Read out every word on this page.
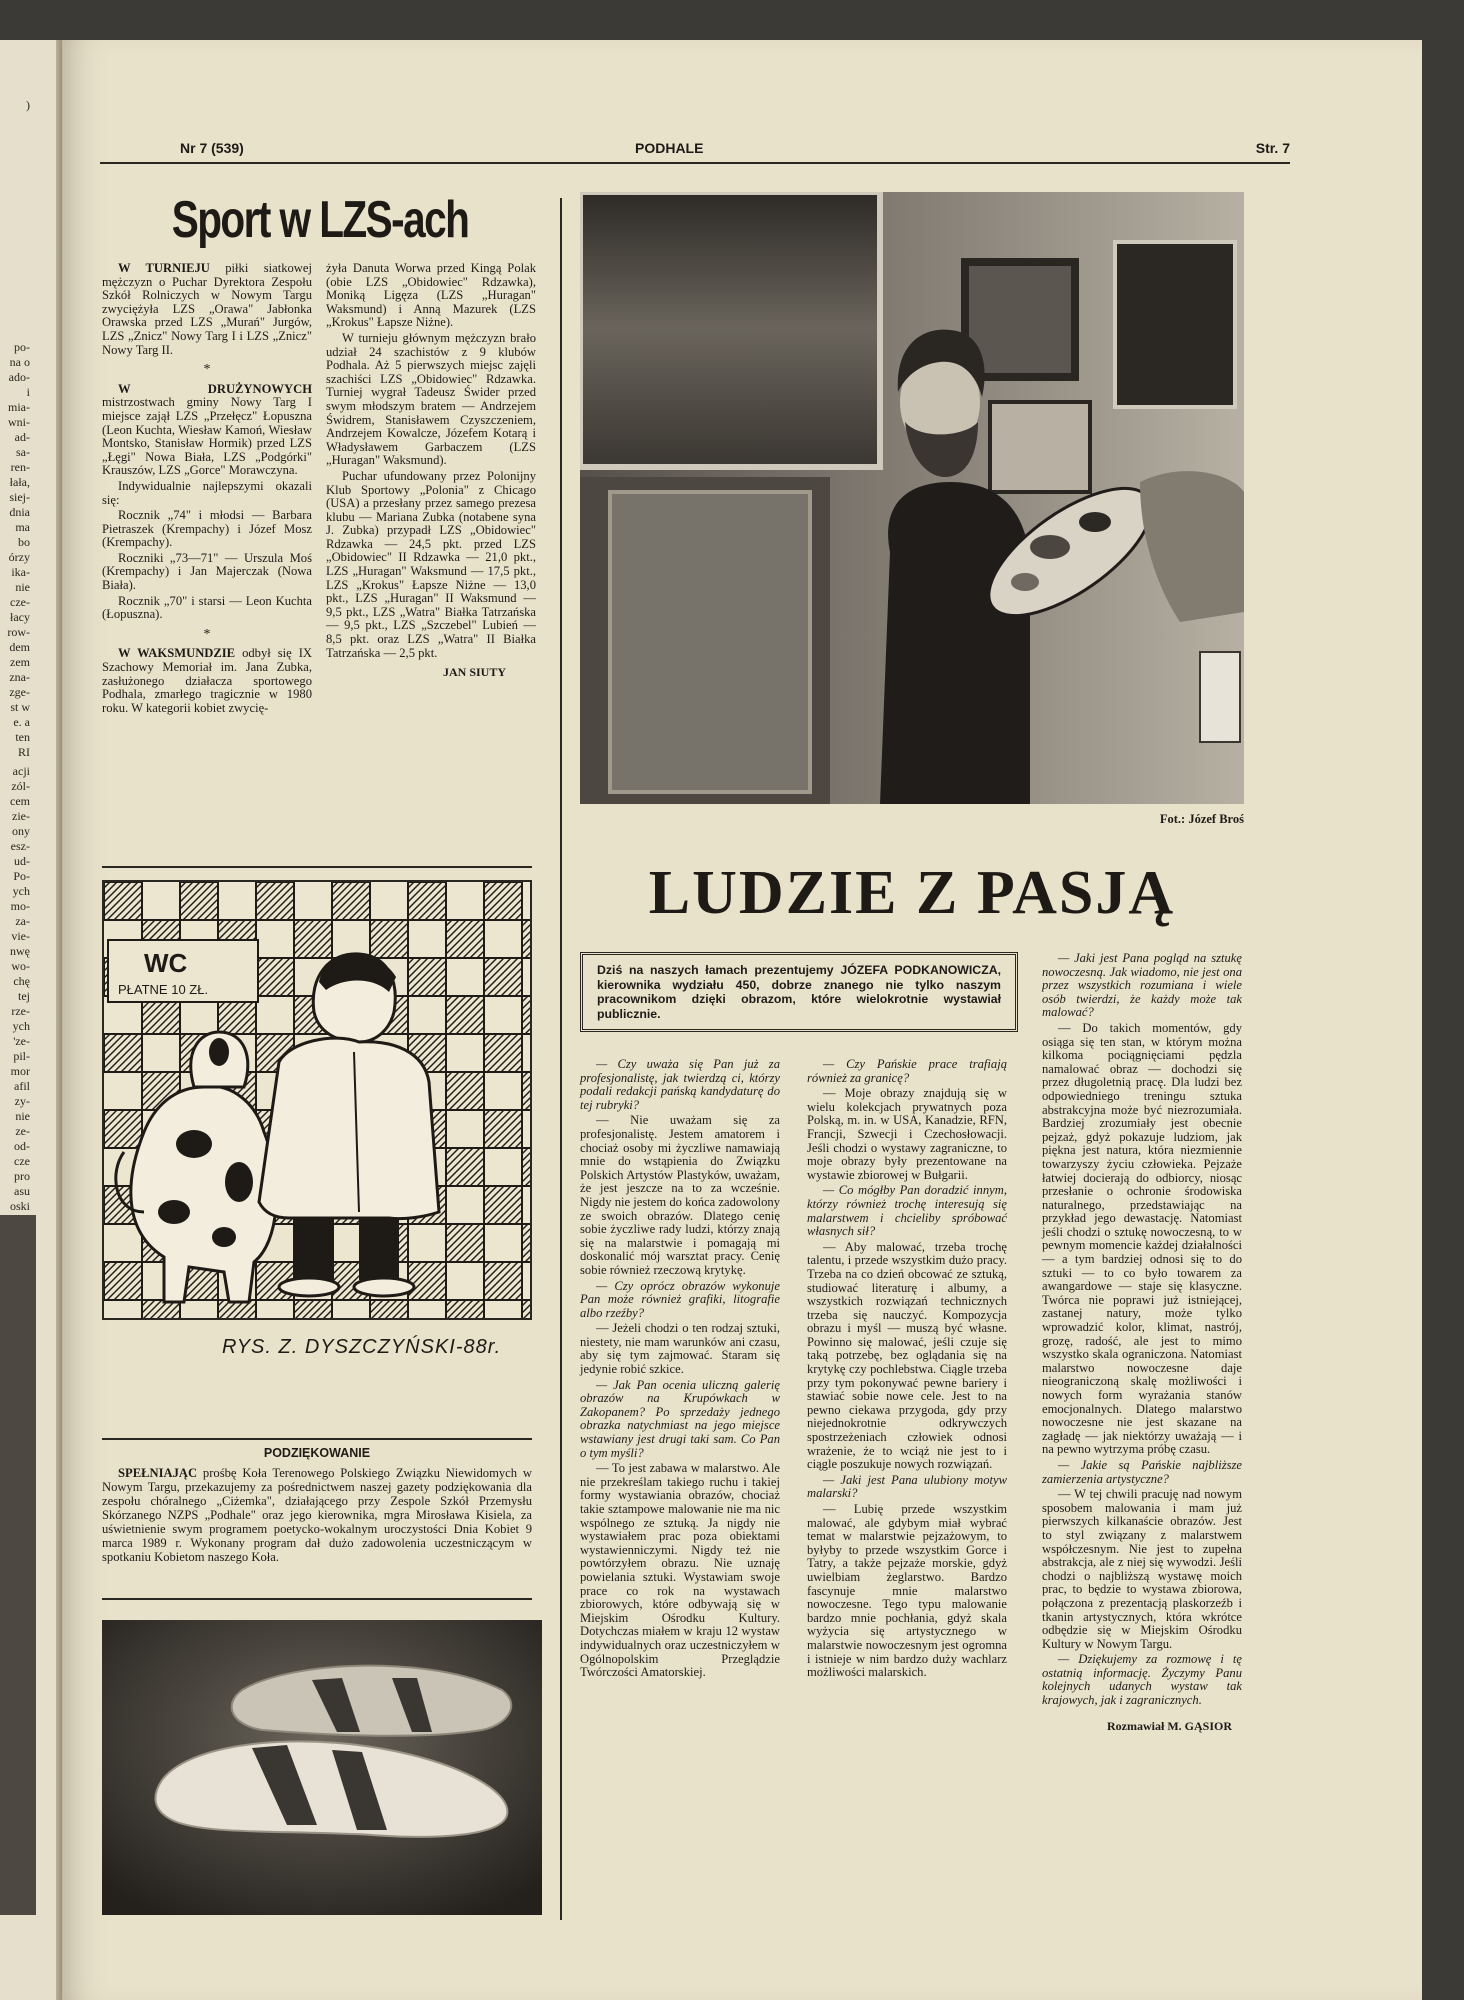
)
po-
na o
ado-
i
mia-
wni-
ad-
sa-
ren-
łała,
siej-
dnia
ma
bo
órzy
ika-
nie
cze-
łacy
row-
dem
zem
zna-
zge-
st w
e. a
ten
RI
acji
zól-
cem
zie-
ony
esz-
ud-
Po-
ych
mo-
za-
vie-
nwę
wo-
chę
tej
rze-
ych
'ze-
pil-
mor
afil
zy-
nie
ze-
od-
cze
pro
asu
oski
Nr 7 (539)	PODHALE	Str. 7
Sport w LZS-ach

W TURNIEJU piłki siatkowej mężczyzn o Puchar Dyrektora Zespołu Szkół Rolniczych w Nowym Targu zwyciężyła LZS „Orawa" Jabłonka Orawska przed LZS „Murań" Jurgów, LZS „Znicz" Nowy Targ I i LZS „Znicz" Nowy Targ II.

*

W DRUŻYNOWYCH mistrzostwach gminy Nowy Targ I miejsce zajął LZS „Przełęcz" Łopuszna (Leon Kuchta, Wiesław Kamoń, Wiesław Montsko, Stanisław Hormik) przed LZS „Łęgi" Nowa Biała, LZS „Podgórki" Krauszów, LZS „Gorce" Morawczyna.

Indywidualnie najlepszymi okazali się:

Rocznik „74" i młodsi — Barbara Pietraszek (Krempachy) i Józef Mosz (Krempachy).

Roczniki „73—71" — Urszula Moś (Krempachy) i Jan Majerczak (Nowa Biała).

Rocznik „70" i starsi — Leon Kuchta (Łopuszna).

*

W WAKSMUNDZIE odbył się IX Szachowy Memoriał im. Jana Zubka, zasłużonego działacza sportowego Podhala, zmarłego tragicznie w 1980 roku. W kategorii kobiet zwycię-

żyła Danuta Worwa przed Kingą Polak (obie LZS „Obidowiec" Rdzawka), Moniką Ligęza (LZS „Huragan" Waksmund) i Anną Mazurek (LZS „Krokus" Łapsze Niżne).

W turnieju głównym mężczyzn brało udział 24 szachistów z 9 klubów Podhala. Aż 5 pierwszych miejsc zajęli szachiści LZS „Obidowiec" Rdzawka. Turniej wygrał Tadeusz Świder przed swym młodszym bratem — Andrzejem Świdrem, Stanisławem Czyszczeniem, Andrzejem Kowalcze, Józefem Kotarą i Władysławem Garbaczem (LZS „Huragan" Waksmund).

Puchar ufundowany przez Polonijny Klub Sportowy „Polonia" z Chicago (USA) a przesłany przez samego prezesa klubu — Mariana Zubka (notabene syna J. Zubka) przypadł LZS „Obidowiec" Rdzawka — 24,5 pkt. przed LZS „Obidowiec" II Rdzawka — 21,0 pkt., LZS „Huragan" Waksmund — 17,5 pkt., LZS „Krokus" Łapsze Niżne — 13,0 pkt., LZS „Huragan" II Waksmund — 9,5 pkt., LZS „Watra" Białka Tatrzańska — 9,5 pkt., LZS „Szczebel" Lubień — 8,5 pkt. oraz LZS „Watra" II Białka Tatrzańska — 2,5 pkt.

JAN SIUTY
WC
PŁATNE 10 ZŁ.
RYS. Z. DYSZCZYŃSKI-88r.
PODZIĘKOWANIE
SPEŁNIAJĄC prośbę Koła Terenowego Polskiego Związku Niewidomych w Nowym Targu, przekazujemy za pośrednictwem naszej gazety podziękowania dla zespołu chóralnego „Ciżemka", działającego przy Zespole Szkół Przemysłu Skórzanego NZPS „Podhale" oraz jego kierownika, mgra Mirosława Kisiela, za uświetnienie swym programem poetycko-wokalnym uroczystości Dnia Kobiet 9 marca 1989 r. Wykonany program dał dużo zadowolenia uczestniczącym w spotkaniu Kobietom naszego Koła.
Fot.: Józef Broś
LUDZIE Z PASJĄ
Dziś na naszych łamach prezentujemy JÓZEFA PODKANOWICZA, kierownika wydziału 450, dobrze znanego nie tylko naszym pracownikom dzięki obrazom, które wielokrotnie wystawiał publicznie.

— Czy uważa się Pan już za profesjonalistę, jak twierdzą ci, którzy podali redakcji pańską kandydaturę do tej rubryki?

— Nie uważam się za profesjonalistę. Jestem amatorem i chociaż osoby mi życzliwe namawiają mnie do wstąpienia do Związku Polskich Artystów Plastyków, uważam, że jest jeszcze na to za wcześnie. Nigdy nie jestem do końca zadowolony ze swoich obrazów. Dlatego cenię sobie życzliwe rady ludzi, którzy znają się na malarstwie i pomagają mi doskonalić mój warsztat pracy. Cenię sobie również rzeczową krytykę.

— Czy oprócz obrazów wykonuje Pan może również grafiki, litografie albo rzeźby?

— Jeżeli chodzi o ten rodzaj sztuki, niestety, nie mam warunków ani czasu, aby się tym zajmować. Staram się jedynie robić szkice.

— Jak Pan ocenia uliczną galerię obrazów na Krupówkach w Zakopanem? Po sprzedaży jednego obrazka natychmiast na jego miejsce wstawiany jest drugi taki sam. Co Pan o tym myśli?

— To jest zabawa w malarstwo. Ale nie przekreślam takiego ruchu i takiej formy wystawiania obrazów, chociaż takie sztampowe malowanie nie ma nic wspólnego ze sztuką. Ja nigdy nie wystawiałem prac poza obiektami wystawienniczymi. Nigdy też nie powtórzyłem obrazu. Nie uznaję powielania sztuki. Wystawiam swoje prace co rok na wystawach zbiorowych, które odbywają się w Miejskim Ośrodku Kultury. Dotychczas miałem w kraju 12 wystaw indywidualnych oraz uczestniczyłem w Ogólnopolskim Przeglądzie Twórczości Amatorskiej.

— Czy Pańskie prace trafiają również za granicę?

— Moje obrazy znajdują się w wielu kolekcjach prywatnych poza Polską, m. in. w USA, Kanadzie, RFN, Francji, Szwecji i Czechosłowacji. Jeśli chodzi o wystawy zagraniczne, to moje obrazy były prezentowane na wystawie zbiorowej w Bułgarii.

— Co mógłby Pan doradzić innym, którzy również trochę interesują się malarstwem i chcieliby spróbować własnych sił?

— Aby malować, trzeba trochę talentu, i przede wszystkim dużo pracy. Trzeba na co dzień obcować ze sztuką, studiować literaturę i albumy, a wszystkich rozwiązań technicznych trzeba się nauczyć. Kompozycja obrazu i myśl — muszą być własne. Powinno się malować, jeśli czuje się taką potrzebę, bez oglądania się na krytykę czy pochlebstwa. Ciągle trzeba przy tym pokonywać pewne bariery i stawiać sobie nowe cele. Jest to na pewno ciekawa przygoda, gdy przy niejednokrotnie odkrywczych spostrzeżeniach człowiek odnosi wrażenie, że to wciąż nie jest to i ciągle poszukuje nowych rozwiązań.

— Jaki jest Pana ulubiony motyw malarski?

— Lubię przede wszystkim malować, ale gdybym miał wybrać temat w malarstwie pejzażowym, to byłyby to przede wszystkim Gorce i Tatry, a także pejzaże morskie, gdyż uwielbiam żeglarstwo. Bardzo fascynuje mnie malarstwo nowoczesne. Tego typu malowanie bardzo mnie pochłania, gdyż skala wyżycia się artystycznego w malarstwie nowoczesnym jest ogromna i istnieje w nim bardzo duży wachlarz możliwości malarskich.

— Jaki jest Pana pogląd na sztukę nowoczesną. Jak wiadomo, nie jest ona przez wszystkich rozumiana i wiele osób twierdzi, że każdy może tak malować?

— Do takich momentów, gdy osiąga się ten stan, w którym można kilkoma pociągnięciami pędzla namalować obraz — dochodzi się przez długoletnią pracę. Dla ludzi bez odpowiedniego treningu sztuka abstrakcyjna może być niezrozumiała. Bardziej zrozumiały jest obecnie pejzaż, gdyż pokazuje ludziom, jak piękna jest natura, która niezmiennie towarzyszy życiu człowieka. Pejzaże łatwiej docierają do odbiorcy, niosąc przesłanie o ochronie środowiska naturalnego, przedstawiając na przykład jego dewastację. Natomiast jeśli chodzi o sztukę nowoczesną, to w pewnym momencie każdej działalności — a tym bardziej odnosi się to do sztuki — to co było towarem za awangardowe — staje się klasyczne. Twórca nie poprawi już istniejącej, zastanej natury, może tylko wprowadzić kolor, klimat, nastrój, grozę, radość, ale jest to mimo wszystko skala ograniczona. Natomiast malarstwo nowoczesne daje nieograniczoną skalę możliwości i nowych form wyrażania stanów emocjonalnych. Dlatego malarstwo nowoczesne nie jest skazane na zagładę — jak niektórzy uważają — i na pewno wytrzyma próbę czasu.

— Jakie są Pańskie najbliższe zamierzenia artystyczne?

— W tej chwili pracuję nad nowym sposobem malowania i mam już pierwszych kilkanaście obrazów. Jest to styl związany z malarstwem współczesnym. Nie jest to zupełna abstrakcja, ale z niej się wywodzi. Jeśli chodzi o najbliższą wystawę moich prac, to będzie to wystawa zbiorowa, połączona z prezentacją plaskorzeźb i tkanin artystycznych, która wkrótce odbędzie się w Miejskim Ośrodku Kultury w Nowym Targu.

— Dziękujemy za rozmowę i tę ostatnią informację. Życzymy Panu kolejnych udanych wystaw tak krajowych, jak i zagranicznych.

Rozmawiał M. GĄSIOR
